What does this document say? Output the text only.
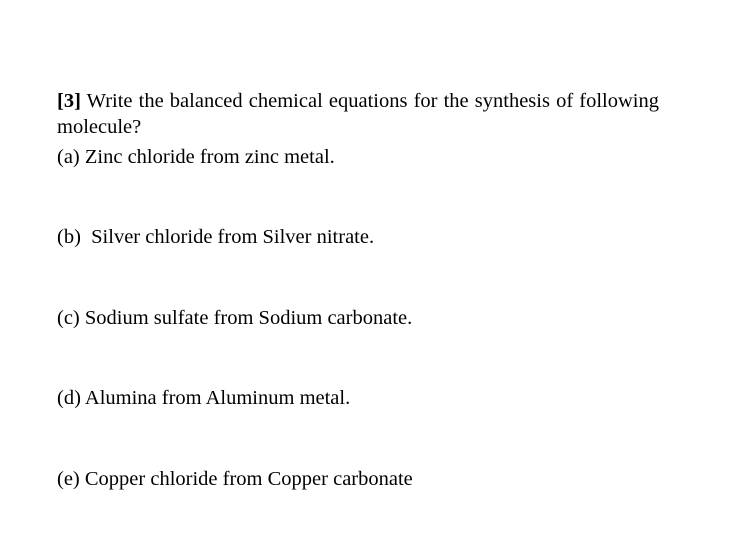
[3] Write the balanced chemical equations for the synthesis of following molecule?
(a) Zinc chloride from zinc metal.
(b)  Silver chloride from Silver nitrate.
(c) Sodium sulfate from Sodium carbonate.
(d) Alumina from Aluminum metal.
(e) Copper chloride from Copper carbonate
